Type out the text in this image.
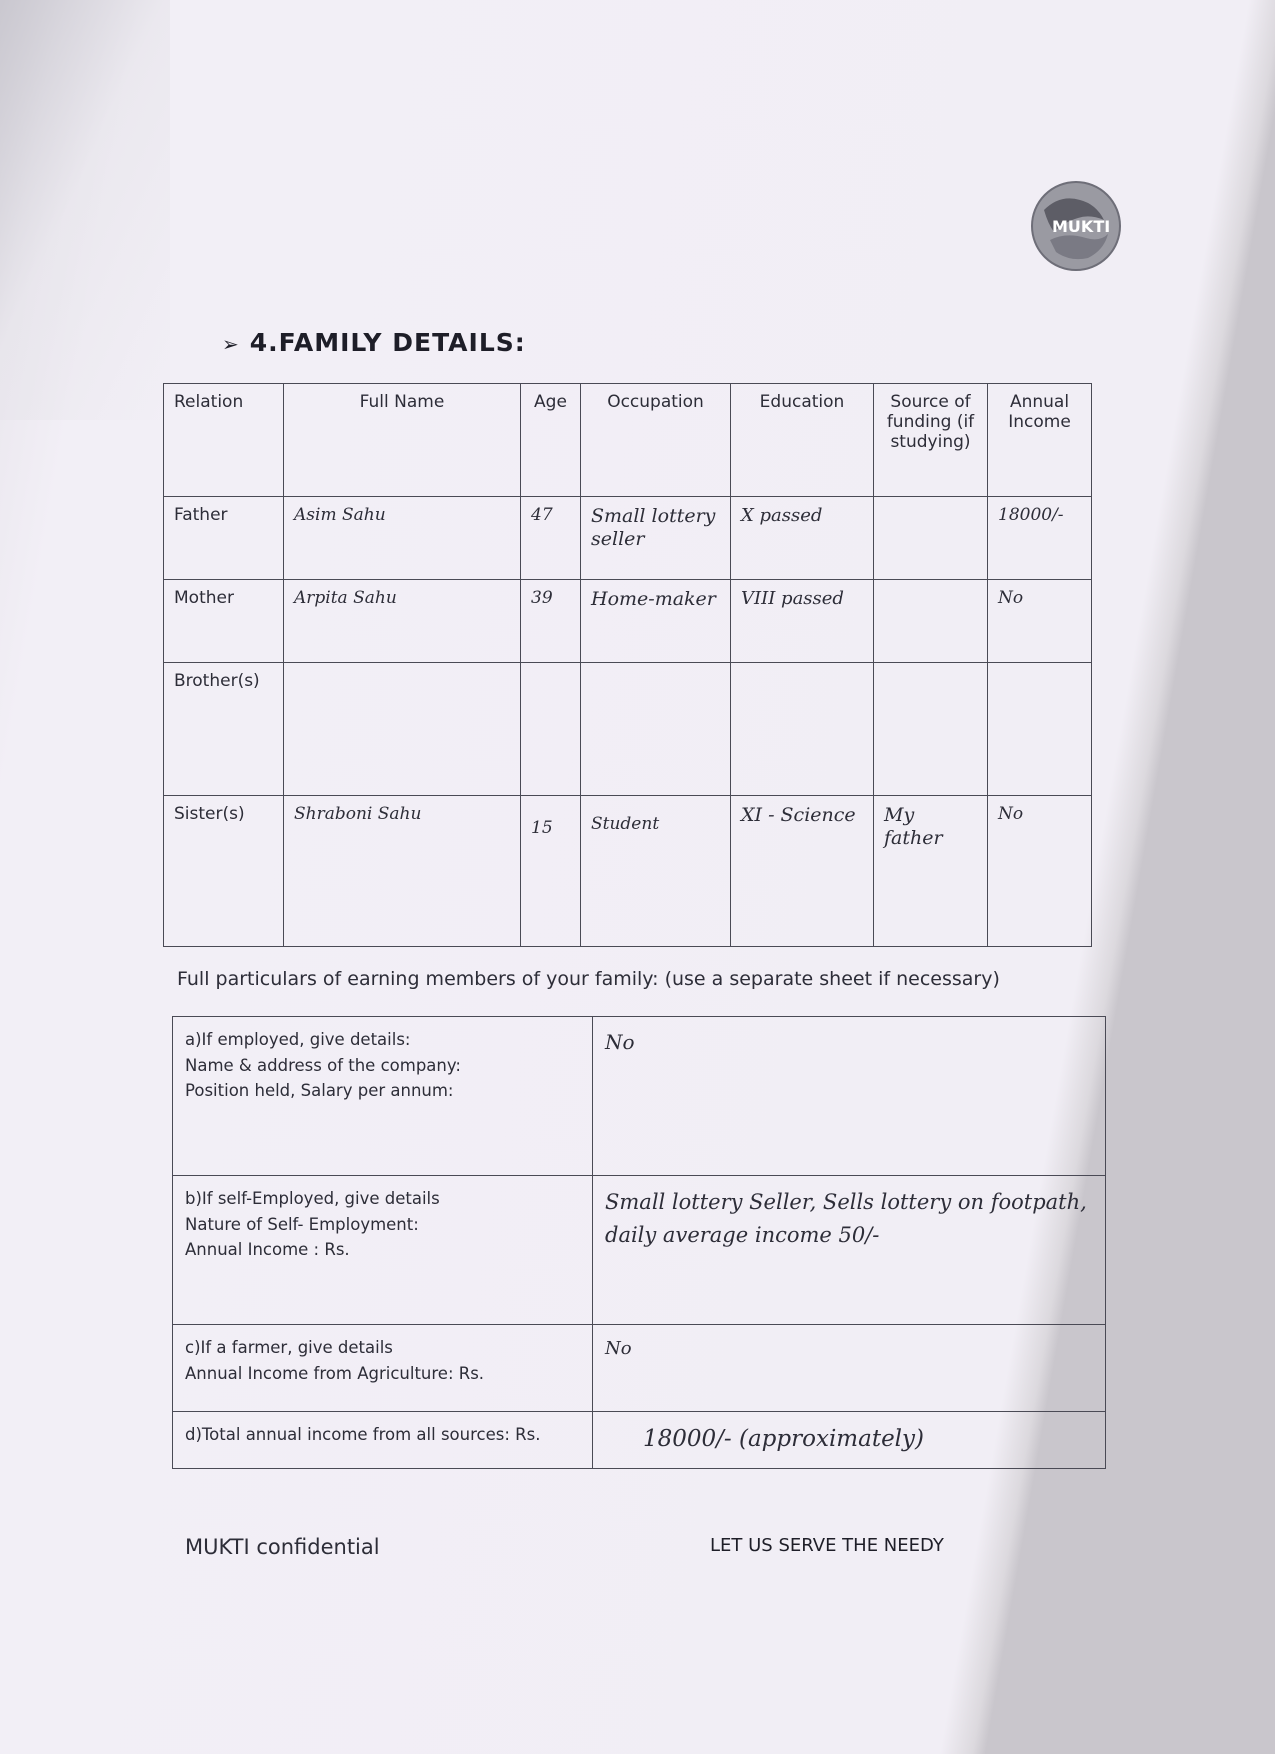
MUKTI
➢ 4.FAMILY DETAILS:
Relation	Full Name	Age	Occupation	Education	Source of funding (if studying)	Annual Income
Father	Asim Sahu	47	Small lottery seller	X passed		18000/-
Mother	Arpita Sahu	39	Home-maker	VIII passed		No
Brother(s)						
Sister(s)	Shraboni Sahu	15	Student	XI - Science	My father	No
Full particulars of earning members of your family: (use a separate sheet if necessary)
a)If employed, give details:
Name & address of the company:
Position held, Salary per annum:	No

b)If self-Employed, give details
Nature of Self- Employment:
Annual Income : Rs.	Small lottery Seller, Sells lottery on footpath, daily average income 50/-

c)If a farmer, give details
Annual Income from Agriculture: Rs.	No

d)Total annual income from all sources: Rs.	18000/- (approximately)
MUKTI confidential	LET US SERVE THE NEEDY
